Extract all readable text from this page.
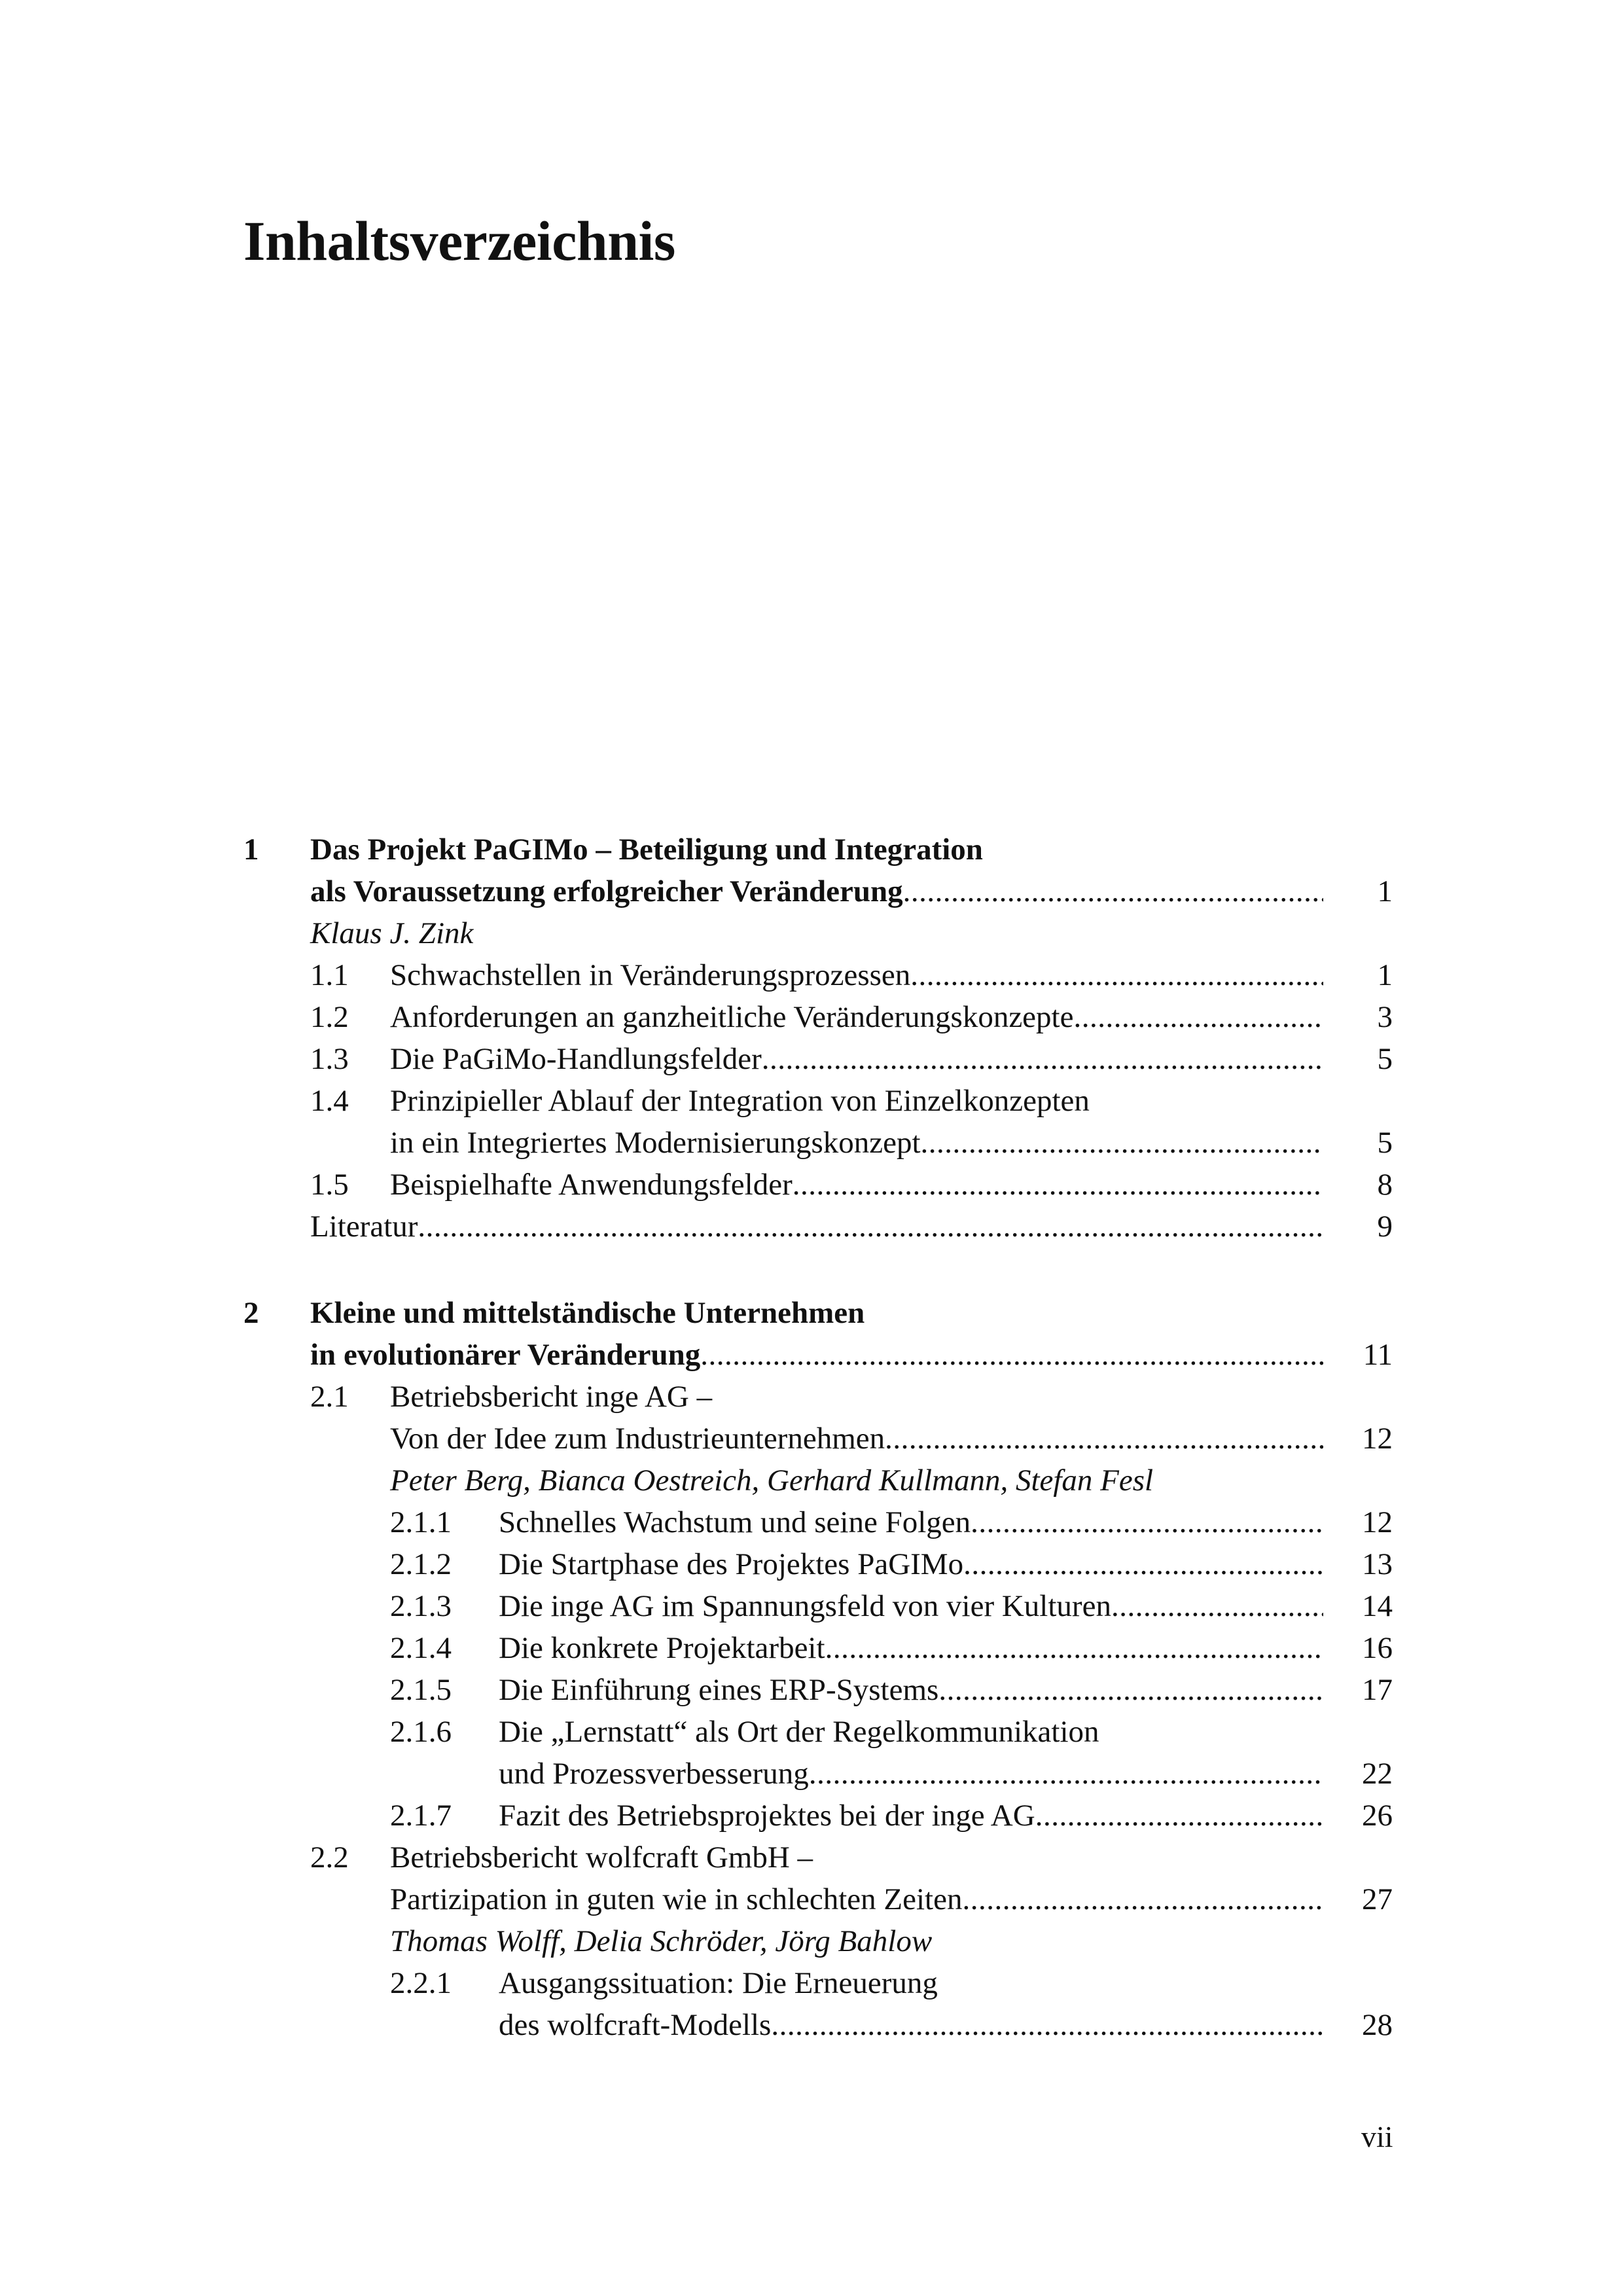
Inhaltsverzeichnis
1 Das Projekt PaGIMo – Beteiligung und Integration
als Voraussetzung erfolgreicher Veränderung .....	1
Klaus J. Zink
1.1 Schwachstellen in Veränderungsprozessen .....	1
1.2 Anforderungen an ganzheitliche Veränderungskonzepte .....	3
1.3 Die PaGiMo-Handlungsfelder .....	5
1.4 Prinzipieller Ablauf der Integration von Einzelkonzepten
in ein Integriertes Modernisierungskonzept .....	5
1.5 Beispielhafte Anwendungsfelder .....	8
Literatur .....	9
2 Kleine und mittelständische Unternehmen
in evolutionärer Veränderung .....	11
2.1 Betriebsbericht inge AG –
Von der Idee zum Industrieunternehmen .....	12
Peter Berg, Bianca Oestreich, Gerhard Kullmann, Stefan Fesl
2.1.1 Schnelles Wachstum und seine Folgen .....	12
2.1.2 Die Startphase des Projektes PaGIMo .....	13
2.1.3 Die inge AG im Spannungsfeld von vier Kulturen .....	14
2.1.4 Die konkrete Projektarbeit .....	16
2.1.5 Die Einführung eines ERP-Systems .....	17
2.1.6 Die „Lernstatt“ als Ort der Regelkommunikation
und Prozessverbesserung .....	22
2.1.7 Fazit des Betriebsprojektes bei der inge AG .....	26
2.2 Betriebsbericht wolfcraft GmbH –
Partizipation in guten wie in schlechten Zeiten .....	27
Thomas Wolff, Delia Schröder, Jörg Bahlow
2.2.1 Ausgangssituation: Die Erneuerung
des wolfcraft-Modells .....	28
vii
